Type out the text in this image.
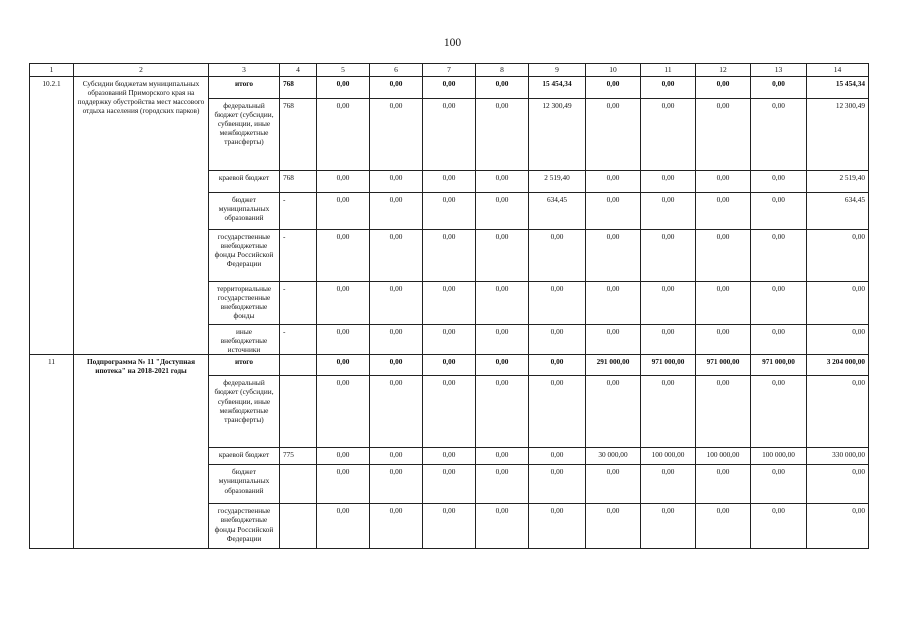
100
1	2	3	4	5	6	7	8	9	10	11	12	13	14
10.2.1	Субсидии бюджетам муниципальных образований Приморского края на поддержку обустройства мест массового отдыха населения (городских парков)	итого	768	0,00	0,00	0,00	0,00	15 454,34	0,00	0,00	0,00	0,00	15 454,34
		федеральный бюджет (субсидии, субвенции, иные межбюджетные трансферты)	768	0,00	0,00	0,00	0,00	12 300,49	0,00	0,00	0,00	0,00	12 300,49
		краевой бюджет	768	0,00	0,00	0,00	0,00	2 519,40	0,00	0,00	0,00	0,00	2 519,40
		бюджет муниципальных образований	-	0,00	0,00	0,00	0,00	634,45	0,00	0,00	0,00	0,00	634,45
		государственные внебюджетные фонды Российской Федерации	-	0,00	0,00	0,00	0,00	0,00	0,00	0,00	0,00	0,00	0,00
		территориальные государственные внебюджетные фонды	-	0,00	0,00	0,00	0,00	0,00	0,00	0,00	0,00	0,00	0,00
		иные внебюджетные источники	-	0,00	0,00	0,00	0,00	0,00	0,00	0,00	0,00	0,00	0,00
11	Подпрограмма № 11 "Доступная ипотека" на 2018-2021 годы	итого		0,00	0,00	0,00	0,00	0,00	291 000,00	971 000,00	971 000,00	971 000,00	3 204 000,00
		федеральный бюджет (субсидии, субвенции, иные межбюджетные трансферты)		0,00	0,00	0,00	0,00	0,00	0,00	0,00	0,00	0,00	0,00
		краевой бюджет	775	0,00	0,00	0,00	0,00	0,00	30 000,00	100 000,00	100 000,00	100 000,00	330 000,00
		бюджет муниципальных образований		0,00	0,00	0,00	0,00	0,00	0,00	0,00	0,00	0,00	0,00
		государственные внебюджетные фонды Российской Федерации		0,00	0,00	0,00	0,00	0,00	0,00	0,00	0,00	0,00	0,00
